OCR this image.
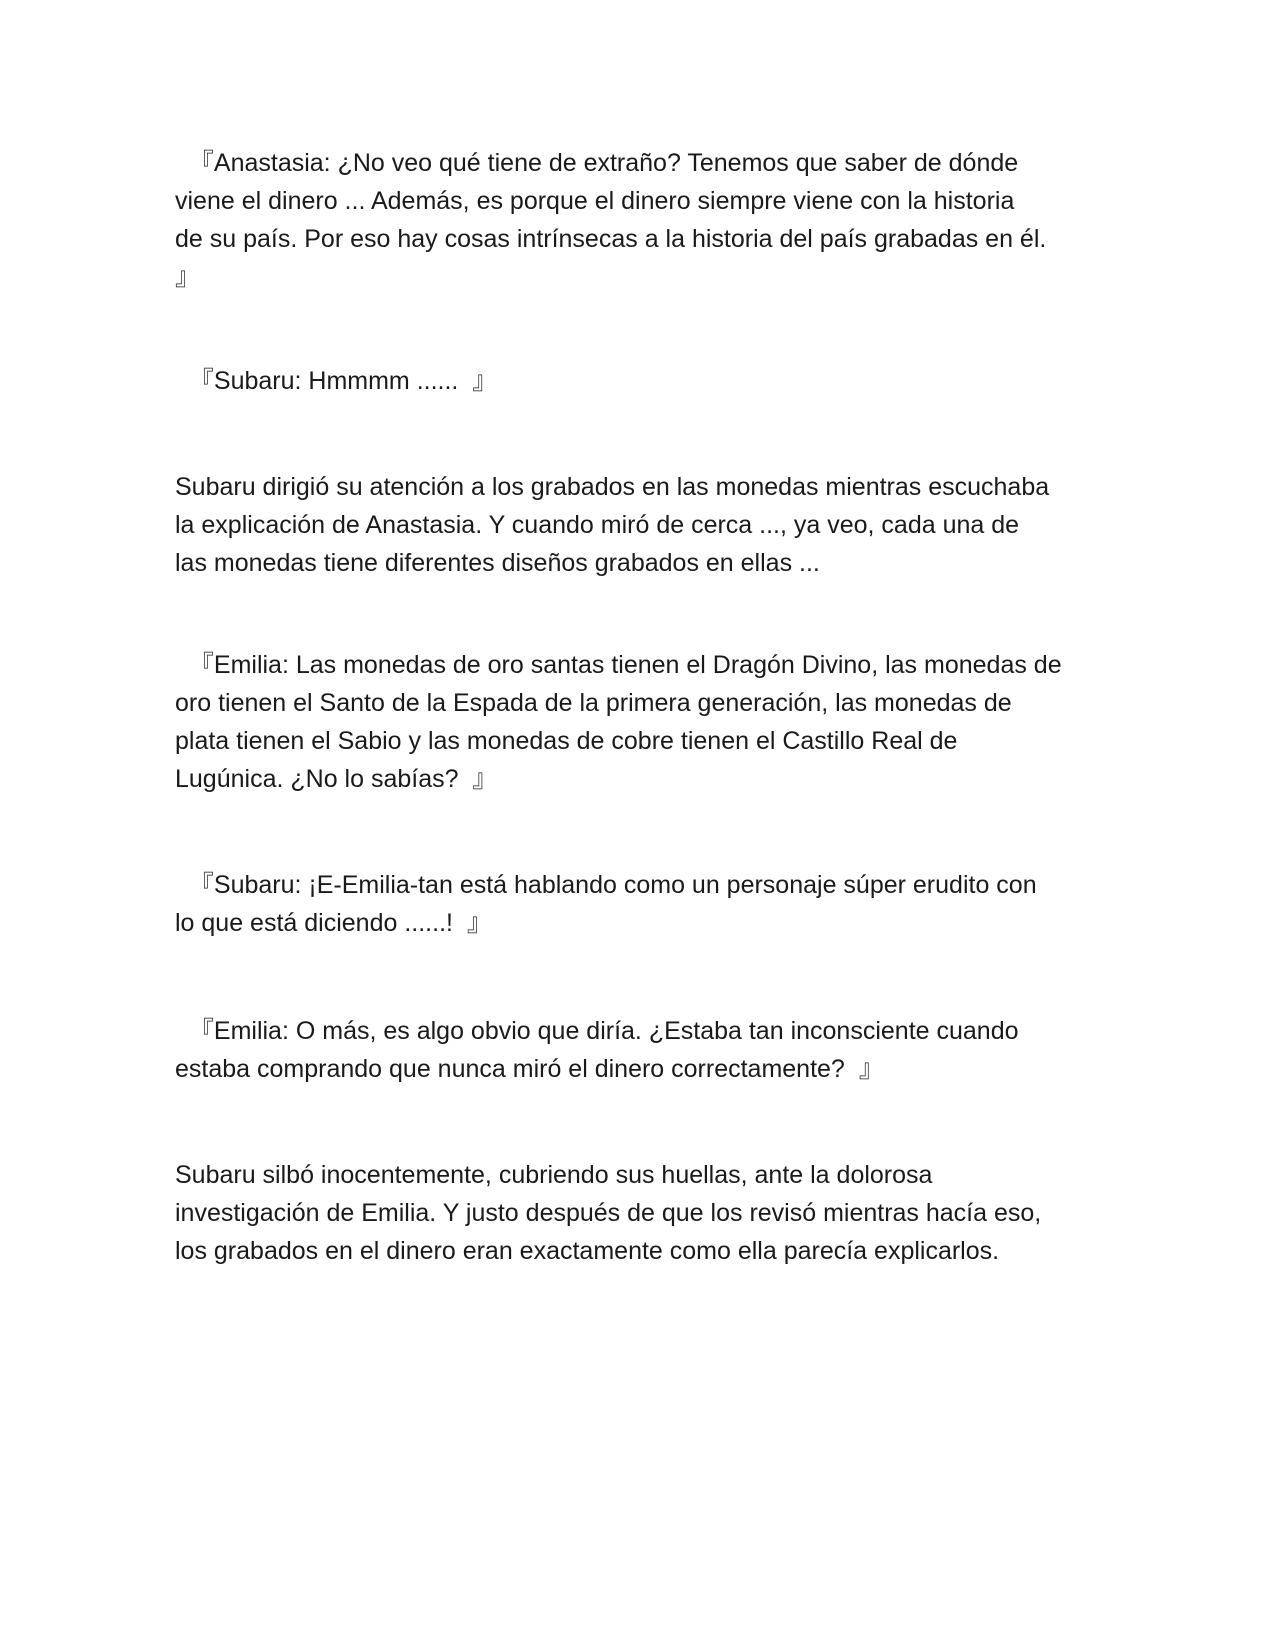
『Anastasia: ¿No veo qué tiene de extraño? Tenemos que saber de dónde
viene el dinero ... Además, es porque el dinero siempre viene con la historia
de su país. Por eso hay cosas intrínsecas a la historia del país grabadas en él.
』

『Subaru: Hmmmm ......  』

Subaru dirigió su atención a los grabados en las monedas mientras escuchaba
la explicación de Anastasia. Y cuando miró de cerca ..., ya veo, cada una de
las monedas tiene diferentes diseños grabados en ellas ...

『Emilia: Las monedas de oro santas tienen el Dragón Divino, las monedas de
oro tienen el Santo de la Espada de la primera generación, las monedas de
plata tienen el Sabio y las monedas de cobre tienen el Castillo Real de
Lugúnica. ¿No lo sabías?  』

『Subaru: ¡E-Emilia-tan está hablando como un personaje súper erudito con
lo que está diciendo ......!  』

『Emilia: O más, es algo obvio que diría. ¿Estaba tan inconsciente cuando
estaba comprando que nunca miró el dinero correctamente?  』

Subaru silbó inocentemente, cubriendo sus huellas, ante la dolorosa
investigación de Emilia. Y justo después de que los revisó mientras hacía eso,
los grabados en el dinero eran exactamente como ella parecía explicarlos.
